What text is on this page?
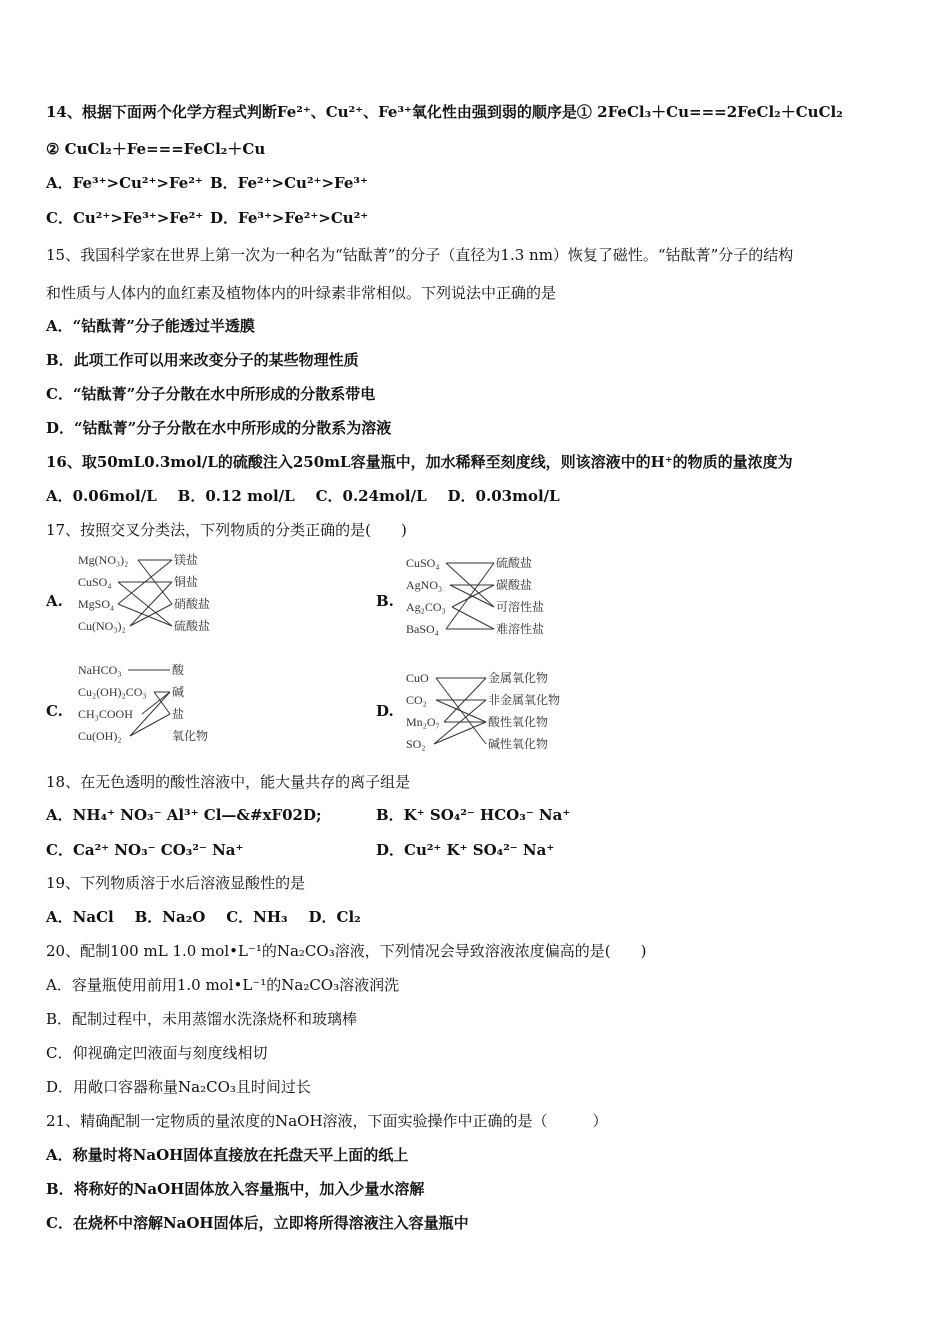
14、根据下面两个化学方程式判断Fe²⁺、Cu²⁺、Fe³⁺氧化性由强到弱的顺序是① 2FeCl₃＋Cu===2FeCl₂＋CuCl₂
② CuCl₂＋Fe===FeCl₂＋Cu
A．Fe³⁺>Cu²⁺>Fe²⁺ B．Fe²⁺>Cu²⁺>Fe³⁺
C．Cu²⁺>Fe³⁺>Fe²⁺ D．Fe³⁺>Fe²⁺>Cu²⁺
15、我国科学家在世界上第一次为一种名为“钴酞菁”的分子（直径为1.3 nm）恢复了磁性。“钴酞菁”分子的结构
和性质与人体内的血红素及植物体内的叶绿素非常相似。下列说法中正确的是
A．“钴酞菁”分子能透过半透膜
B．此项工作可以用来改变分子的某些物理性质
C．“钴酞菁”分子分散在水中所形成的分散系带电
D．“钴酞菁”分子分散在水中所形成的分散系为溶液
16、取50mL0.3mol/L的硫酸注入250mL容量瓶中，加水稀释至刻度线，则该溶液中的H⁺的物质的量浓度为
A．0.06mol/L    B．0.12 mol/L    C．0.24mol/L    D．0.03mol/L
17、按照交叉分类法，下列物质的分类正确的是(　　)
A.
Mg(NO₃)₂
CuSO₄
MgSO₄
Cu(NO₃)₂
镁盐
铜盐
硝酸盐
硫酸盐
B.
CuSO₄
AgNO₃
Ag₂CO₃
BaSO₄
硫酸盐
碳酸盐
可溶性盐
难溶性盐
C.
NaHCO₃
Cu₂(OH)₂CO₃
CH₃COOH
Cu(OH)₂
酸
碱
盐
氧化物
D.
CuO
CO₂
Mn₂O₇
SO₂
金属氧化物
非金属氧化物
酸性氧化物
碱性氧化物
18、在无色透明的酸性溶液中，能大量共存的离子组是
A．NH₄⁺ NO₃⁻ Al³⁺ Cl—&#xF02D;	B．K⁺ SO₄²⁻ HCO₃⁻ Na⁺
C．Ca²⁺ NO₃⁻ CO₃²⁻ Na⁺	D．Cu²⁺ K⁺ SO₄²⁻ Na⁺
19、下列物质溶于水后溶液显酸性的是
A．NaCl    B．Na₂O    C．NH₃    D．Cl₂
20、配制100 mL 1.0 mol•L⁻¹的Na₂CO₃溶液，下列情况会导致溶液浓度偏高的是(　　)
A．容量瓶使用前用1.0 mol•L⁻¹的Na₂CO₃溶液润洗
B．配制过程中，未用蒸馏水洗涤烧杯和玻璃棒
C．仰视确定凹液面与刻度线相切
D．用敞口容器称量Na₂CO₃且时间过长
21、精确配制一定物质的量浓度的NaOH溶液，下面实验操作中正确的是（　　　）
A．称量时将NaOH固体直接放在托盘天平上面的纸上
B．将称好的NaOH固体放入容量瓶中，加入少量水溶解
C．在烧杯中溶解NaOH固体后，立即将所得溶液注入容量瓶中
